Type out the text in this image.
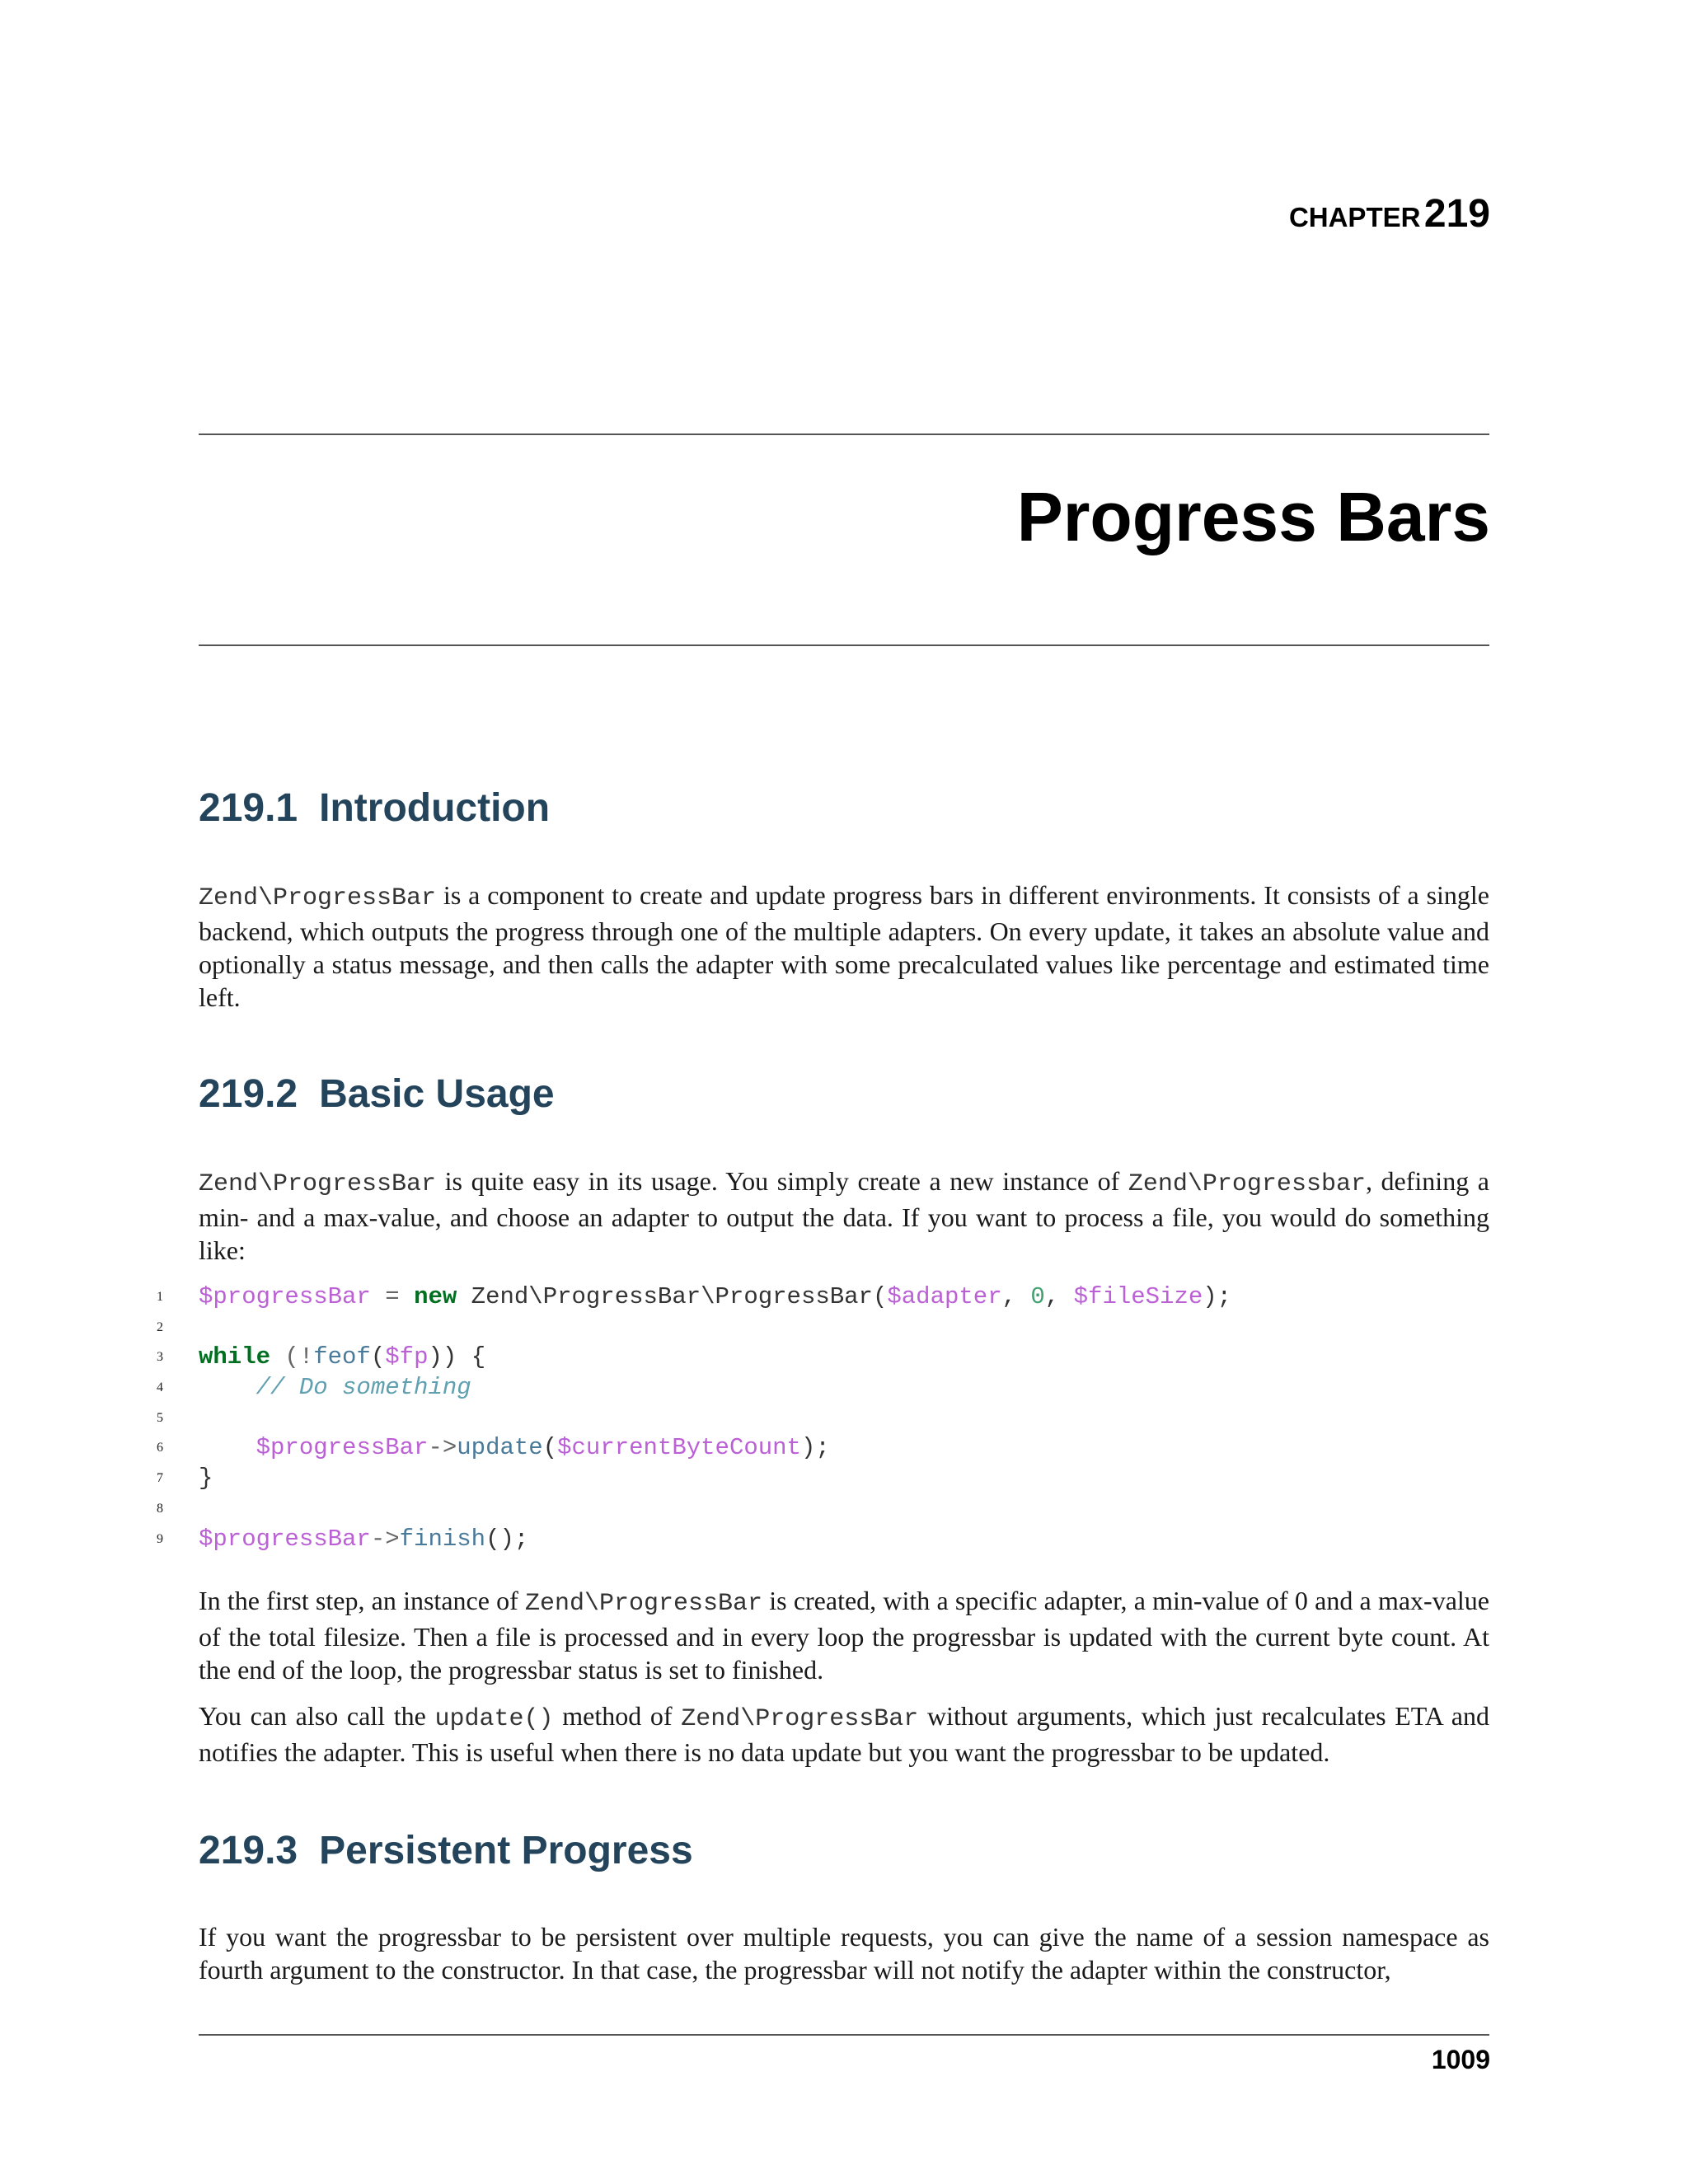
CHAPTER 219
Progress Bars
219.1 Introduction

Zend\ProgressBar is a component to create and update progress bars in different environments. It consists of a single backend, which outputs the progress through one of the multiple adapters. On every update, it takes an absolute value and optionally a status message, and then calls the adapter with some precalculated values like percentage and estimated time left.

219.2 Basic Usage

Zend\ProgressBar is quite easy in its usage. You simply create a new instance of Zend\Progressbar, defining a min- and a max-value, and choose an adapter to output the data. If you want to process a file, you would do something like:

1	$progressBar = new Zend\ProgressBar\ProgressBar( $adapter , 0 , $fileSize );
2
3	while (! feof ( $fp )) {
4	// Do something
5
6
	$progressBar -> update ( $currentByteCount );
7	}
8
9	$progressBar -> finish ();

In the first step, an instance of Zend\ProgressBar is created, with a specific adapter, a min-value of 0 and a max-value of the total filesize. Then a file is processed and in every loop the progressbar is updated with the current byte count. At the end of the loop, the progressbar status is set to finished.

You can also call the update() method of Zend\ProgressBar without arguments, which just recalculates ETA and notifies the adapter. This is useful when there is no data update but you want the progressbar to be updated.

219.3 Persistent Progress

If you want the progressbar to be persistent over multiple requests, you can give the name of a session namespace as fourth argument to the constructor. In that case, the progressbar will not notify the adapter within the constructor,

1009
